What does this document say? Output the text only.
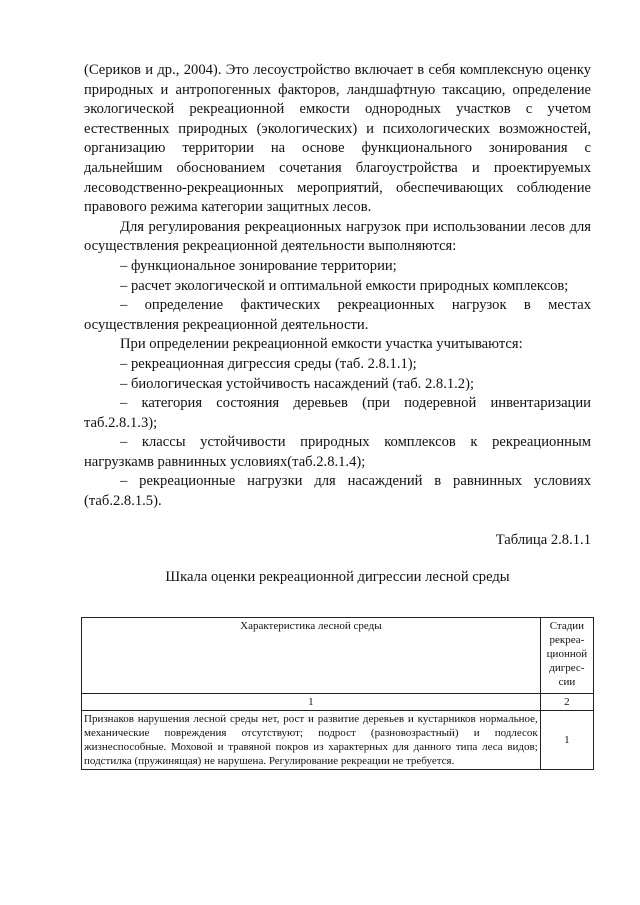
(Сериков и др., 2004). Это лесоустройство включает в себя комплексную оценку природных и антропогенных факторов, ландшафтную таксацию, определение экологической рекреационной емкости однородных участков с учетом естественных природных (экологических) и психологических возможностей, организацию территории на основе функционального зонирования с дальнейшим обоснованием сочетания благоустройства и проектируемых лесоводственно-рекреационных мероприятий, обеспечивающих соблюдение правового режима категории защитных лесов.

Для регулирования рекреационных нагрузок при использовании лесов для осуществления рекреационной деятельности выполняются:

– функциональное зонирование территории;

– расчет экологической и оптимальной емкости природных комплексов;

– определение фактических рекреационных нагрузок в местах осуществления рекреационной деятельности.

При определении рекреационной емкости участка учитываются:

– рекреационная дигрессия среды (таб. 2.8.1.1);

– биологическая устойчивость насаждений (таб. 2.8.1.2);

– категория состояния деревьев (при подеревной инвентаризации таб.2.8.1.3);

– классы устойчивости природных комплексов к рекреационным нагрузкамв равнинных условиях(таб.2.8.1.4);

– рекреационные нагрузки для насаждений в равнинных условиях (таб.2.8.1.5).

Таблица 2.8.1.1

Шкала оценки рекреационной дигрессии лесной среды

Характеристика лесной среды	Стадии рекреа-ционной дигрес-сии
1	2
Признаков нарушения лесной среды нет, рост и развитие деревьев и кустарников нормальное, механические повреждения отсутствуют; подрост (разновозрастный) и подлесок жизнеспособные. Моховой и травяной покров из характерных для данного типа леса видов; подстилка (пружинящая) не нарушена. Регулирование рекреации не требуется.	1
